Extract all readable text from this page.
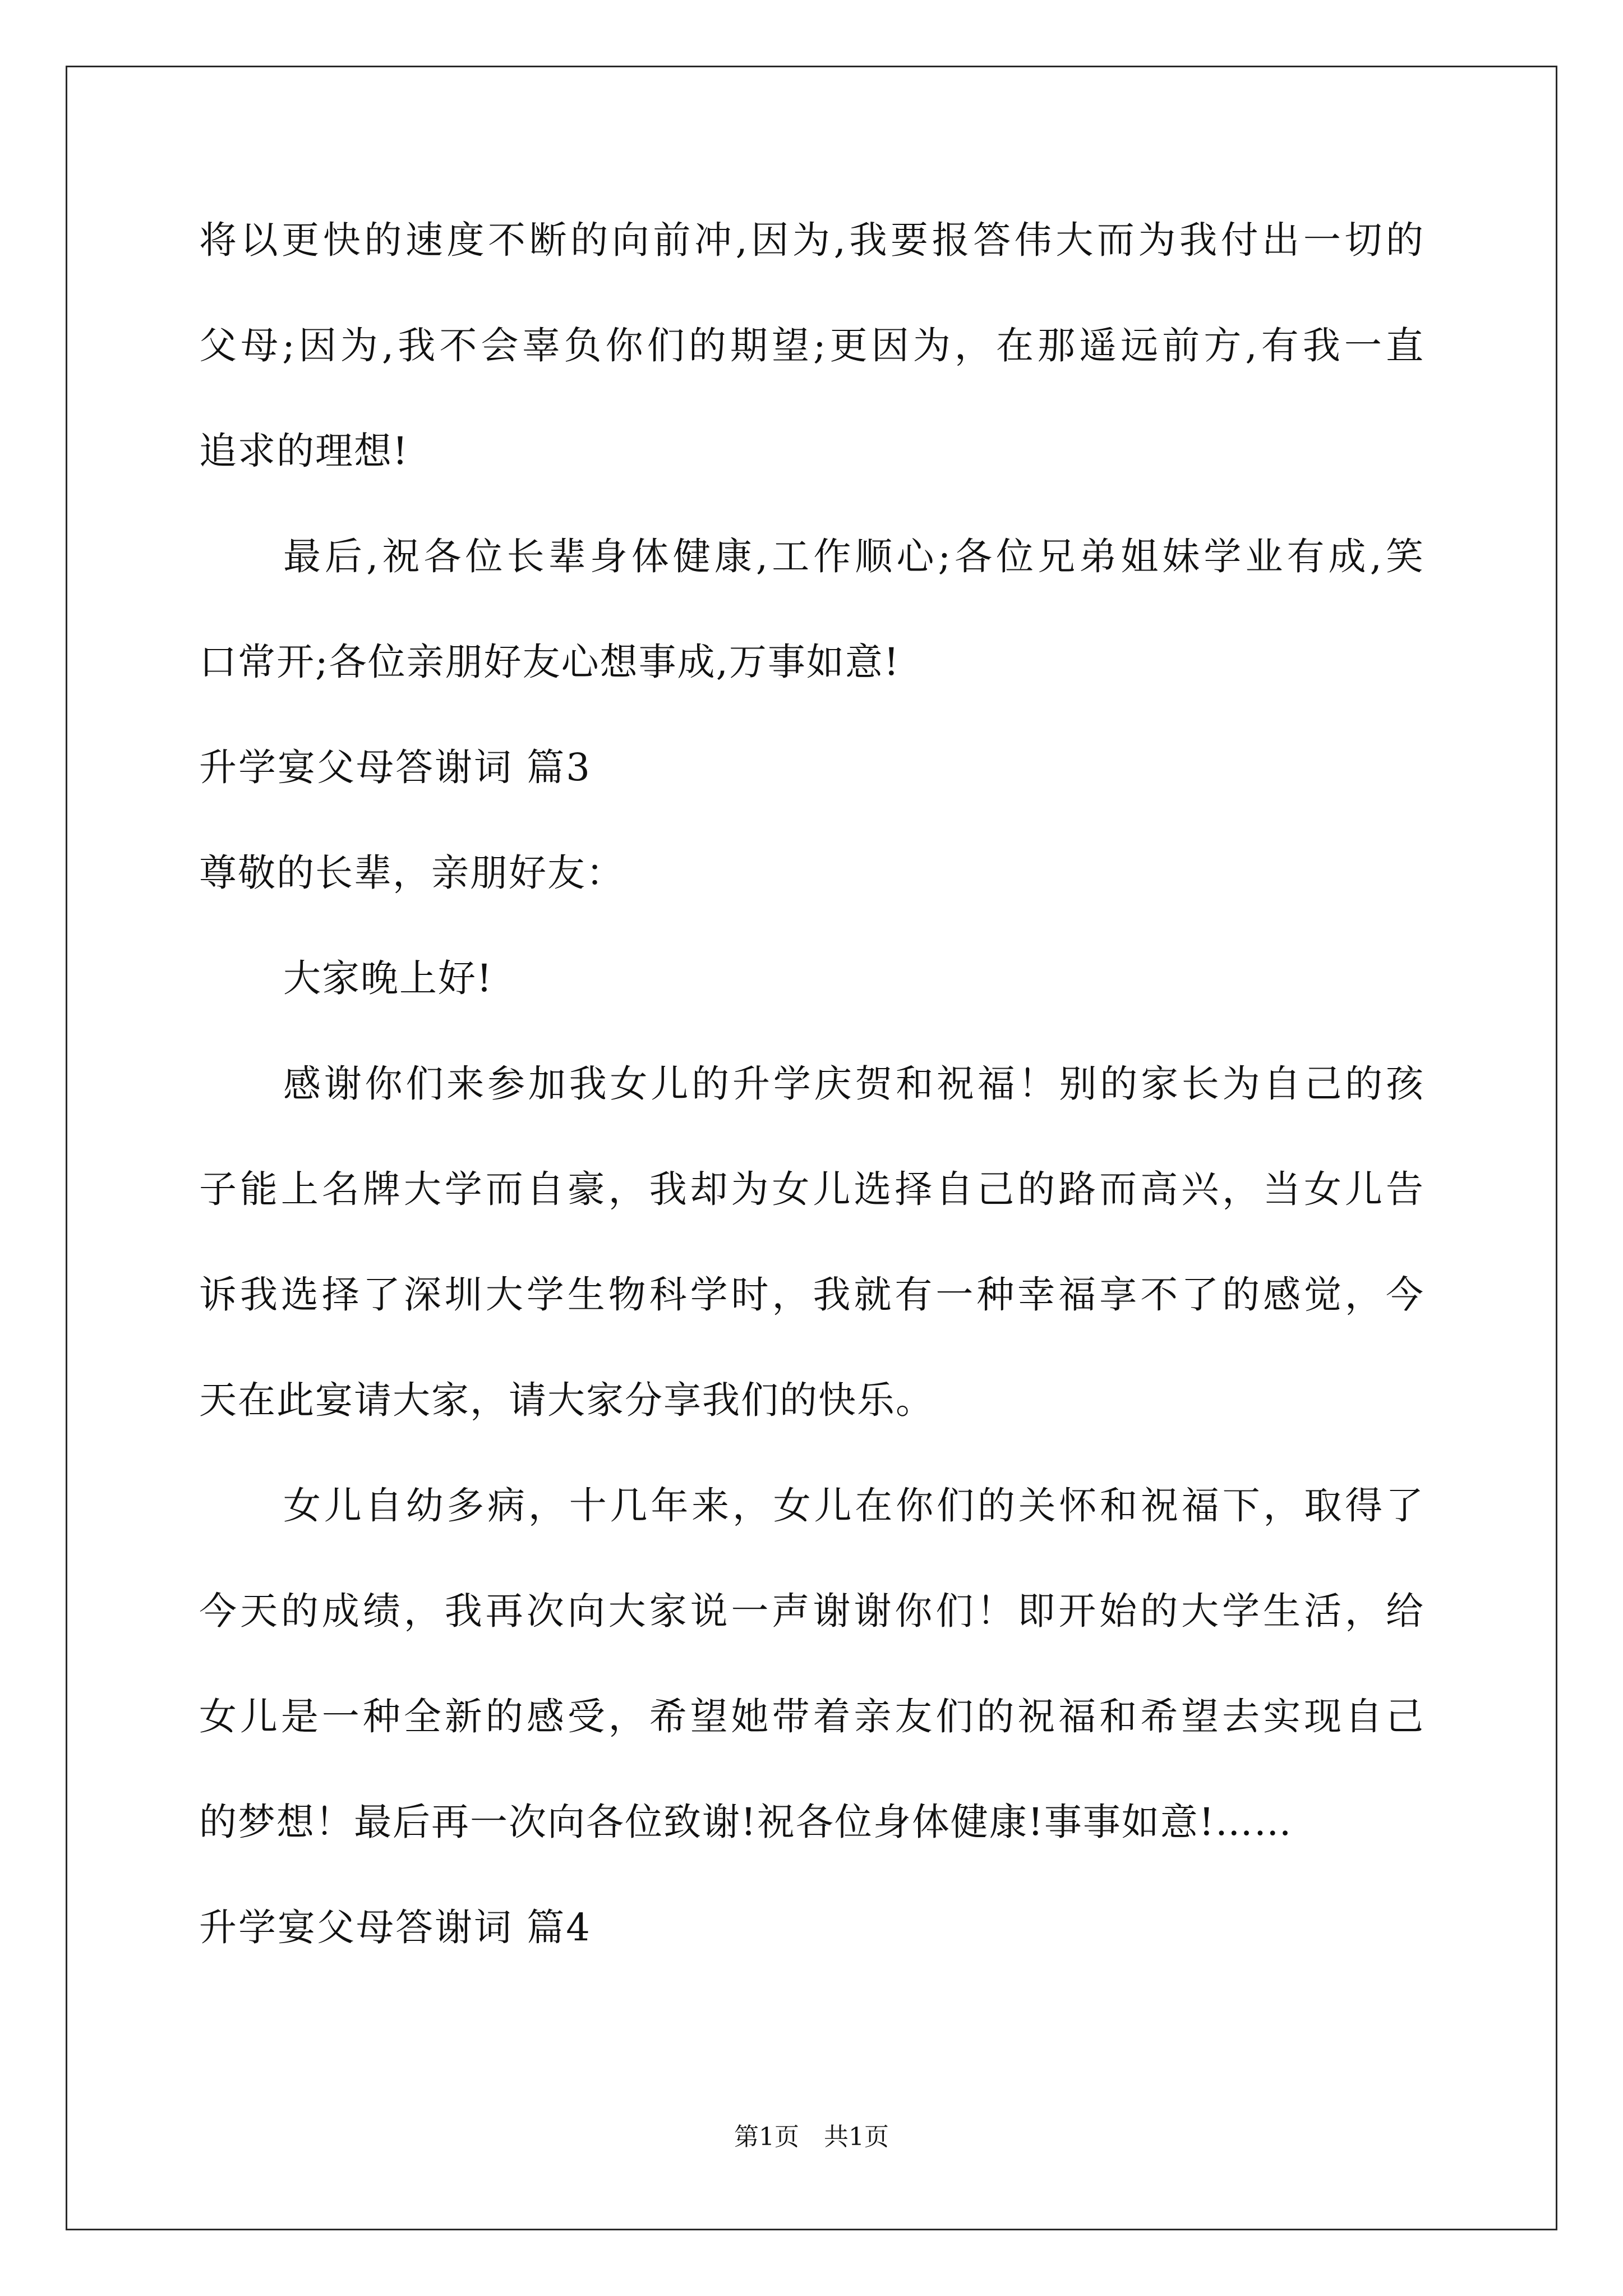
将以更快的速度不断的向前冲,因为,我要报答伟大而为我付出一切的
父母;因为,我不会辜负你们的期望;更因为，在那遥远前方,有我一直
追求的理想!
最后,祝各位长辈身体健康,工作顺心;各位兄弟姐妹学业有成,笑
口常开;各位亲朋好友心想事成,万事如意!
升学宴父母答谢词 篇3
尊敬的长辈，亲朋好友：
大家晚上好!
感谢你们来参加我女儿的升学庆贺和祝福！别的家长为自己的孩
子能上名牌大学而自豪，我却为女儿选择自己的路而高兴，当女儿告
诉我选择了深圳大学生物科学时，我就有一种幸福享不了的感觉，今
天在此宴请大家，请大家分享我们的快乐。
女儿自幼多病，十几年来，女儿在你们的关怀和祝福下，取得了
今天的成绩，我再次向大家说一声谢谢你们！即开始的大学生活，给
女儿是一种全新的感受，希望她带着亲友们的祝福和希望去实现自己
的梦想！最后再一次向各位致谢!祝各位身体健康!事事如意!……
升学宴父母答谢词 篇4
第1页　共1页
